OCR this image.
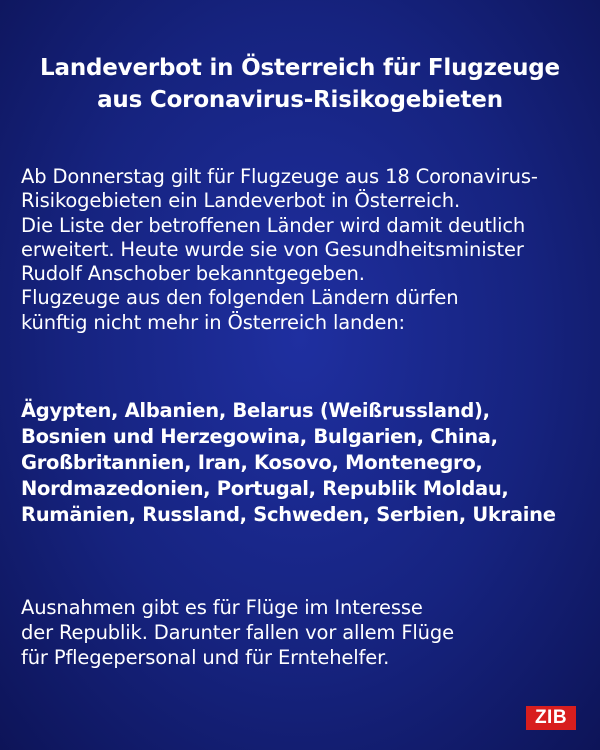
Landeverbot in Österreich für Flugzeuge
aus Coronavirus-Risikogebieten
Ab Donnerstag gilt für Flugzeuge aus 18 Coronavirus-
Risikogebieten ein Landeverbot in Österreich.
Die Liste der betroffenen Länder wird damit deutlich
erweitert. Heute wurde sie von Gesundheitsminister
Rudolf Anschober bekanntgegeben.
Flugzeuge aus den folgenden Ländern dürfen
künftig nicht mehr in Österreich landen:
Ägypten, Albanien, Belarus (Weißrussland),
Bosnien und Herzegowina, Bulgarien, China,
Großbritannien, Iran, Kosovo, Montenegro,
Nordmazedonien, Portugal, Republik Moldau,
Rumänien, Russland, Schweden, Serbien, Ukraine
Ausnahmen gibt es für Flüge im Interesse
der Republik. Darunter fallen vor allem Flüge
für Pflegepersonal und für Erntehelfer.
ZIB
